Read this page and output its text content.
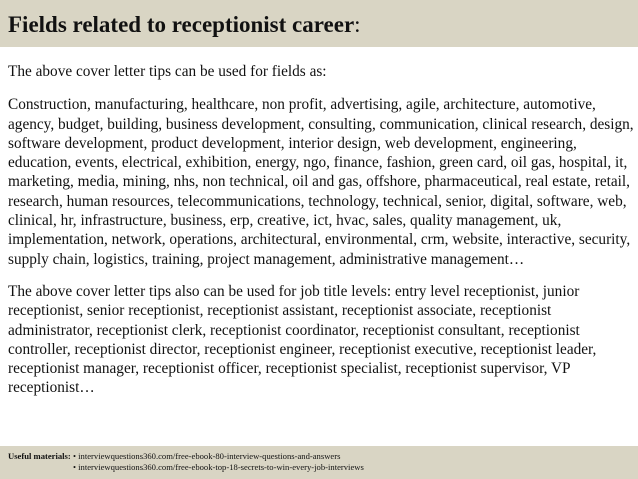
Fields related to receptionist career:

The above cover letter tips can be used for fields as:

Construction, manufacturing, healthcare, non profit, advertising, agile, architecture, automotive, agency, budget, building, business development, consulting, communication, clinical research, design, software development, product development, interior design, web development, engineering, education, events, electrical, exhibition, energy, ngo, finance, fashion, green card, oil gas, hospital, it, marketing, media, mining, nhs, non technical, oil and gas, offshore, pharmaceutical, real estate, retail, research, human resources, telecommunications, technology, technical, senior, digital, software, web, clinical, hr, infrastructure, business, erp, creative, ict, hvac, sales, quality management, uk, implementation, network, operations, architectural, environmental, crm, website, interactive, security, supply chain, logistics, training, project management, administrative management…

The above cover letter tips also can be used for job title levels: entry level receptionist, junior receptionist, senior receptionist, receptionist assistant, receptionist associate, receptionist administrator, receptionist clerk, receptionist coordinator, receptionist consultant, receptionist controller, receptionist director, receptionist engineer, receptionist executive, receptionist leader, receptionist manager, receptionist officer, receptionist specialist, receptionist supervisor, VP receptionist…

Useful materials: • interviewquestions360.com/free-ebook-80-interview-questions-and-answers
• interviewquestions360.com/free-ebook-top-18-secrets-to-win-every-job-interviews
